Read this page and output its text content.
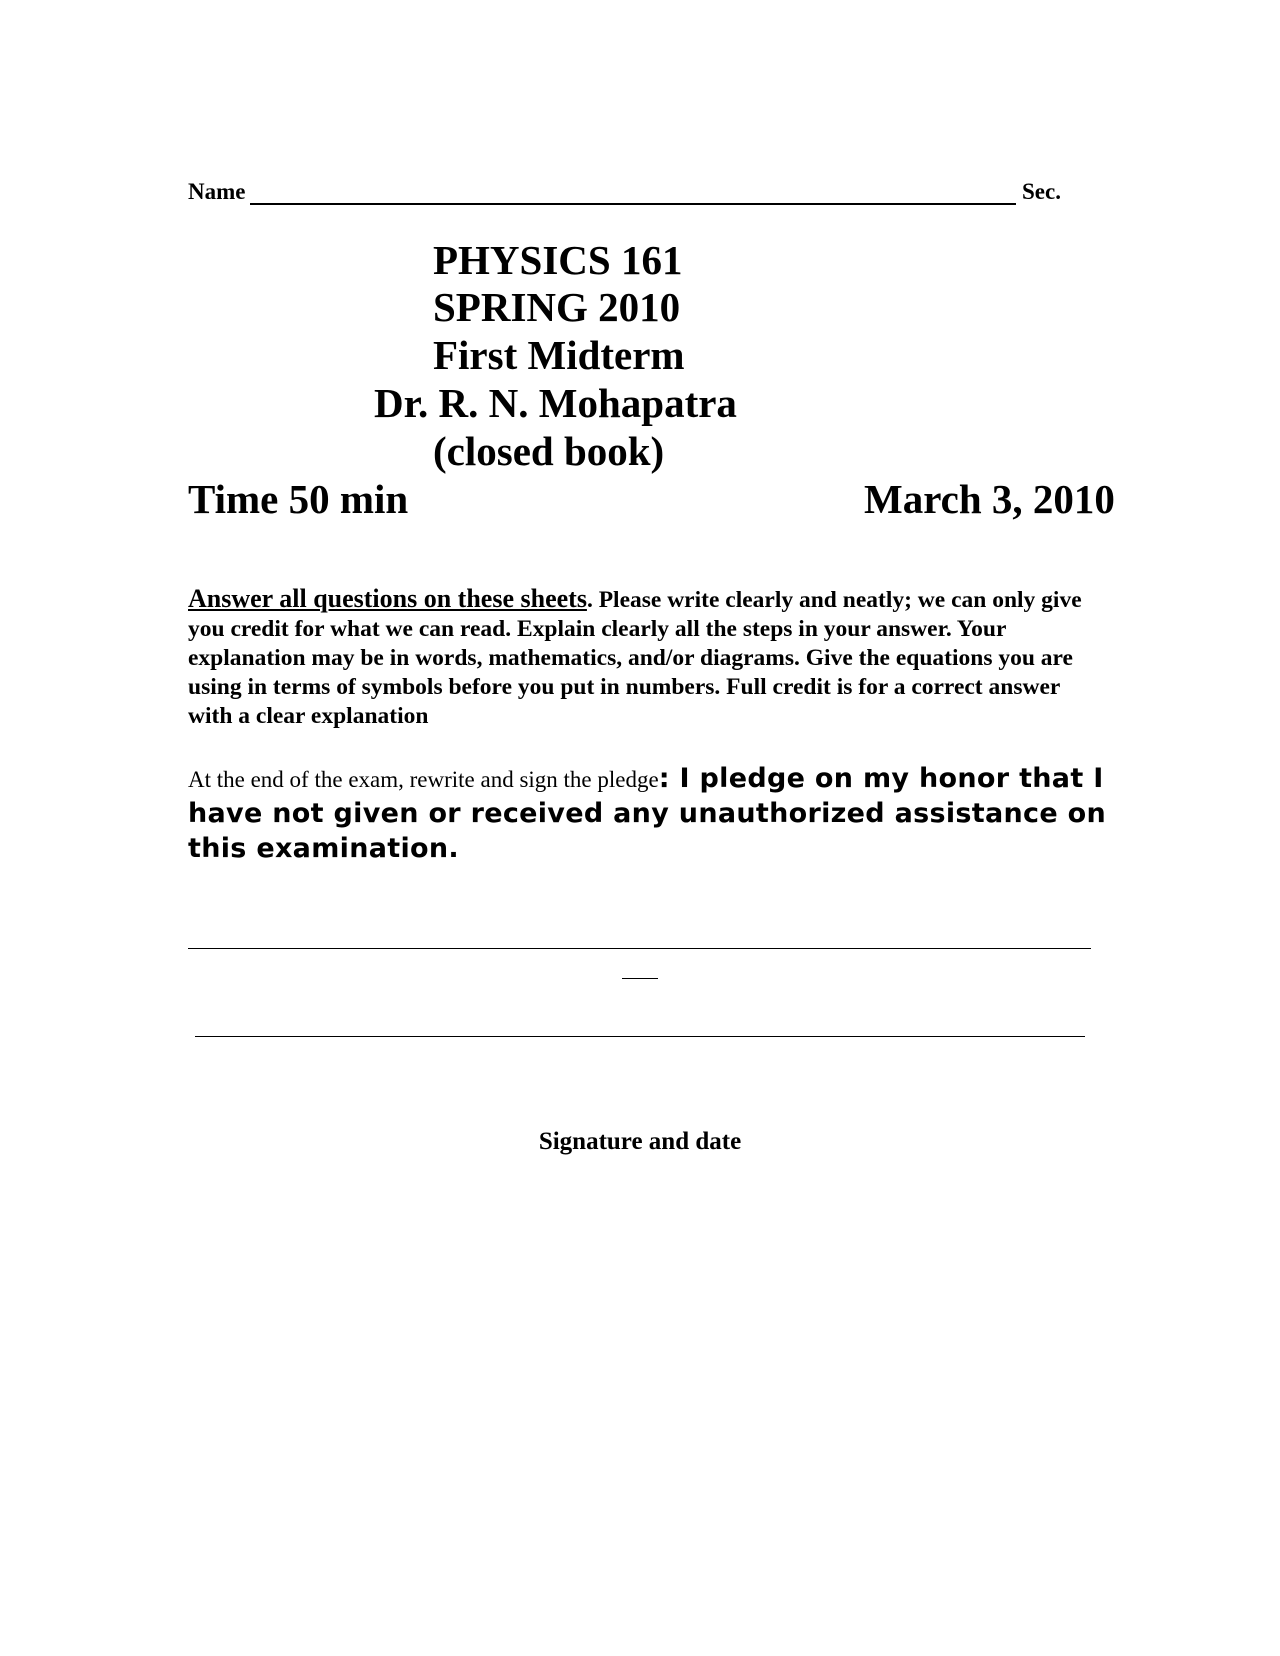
Name	Sec.
PHYSICS 161
SPRING 2010
First Midterm
Dr. R. N. Mohapatra
(closed book)
Time 50 min	March 3, 2010
Answer all questions on these sheets. Please write clearly and neatly; we can only give you credit for what we can read. Explain clearly all the steps in your answer. Your explanation may be in words, mathematics, and/or diagrams. Give the equations you are using in terms of symbols before you put in numbers. Full credit is for a correct answer with a clear explanation
At the end of the exam, rewrite and sign the pledge: I pledge on my honor that I have not given or received any unauthorized assistance on this examination.
Signature and date
